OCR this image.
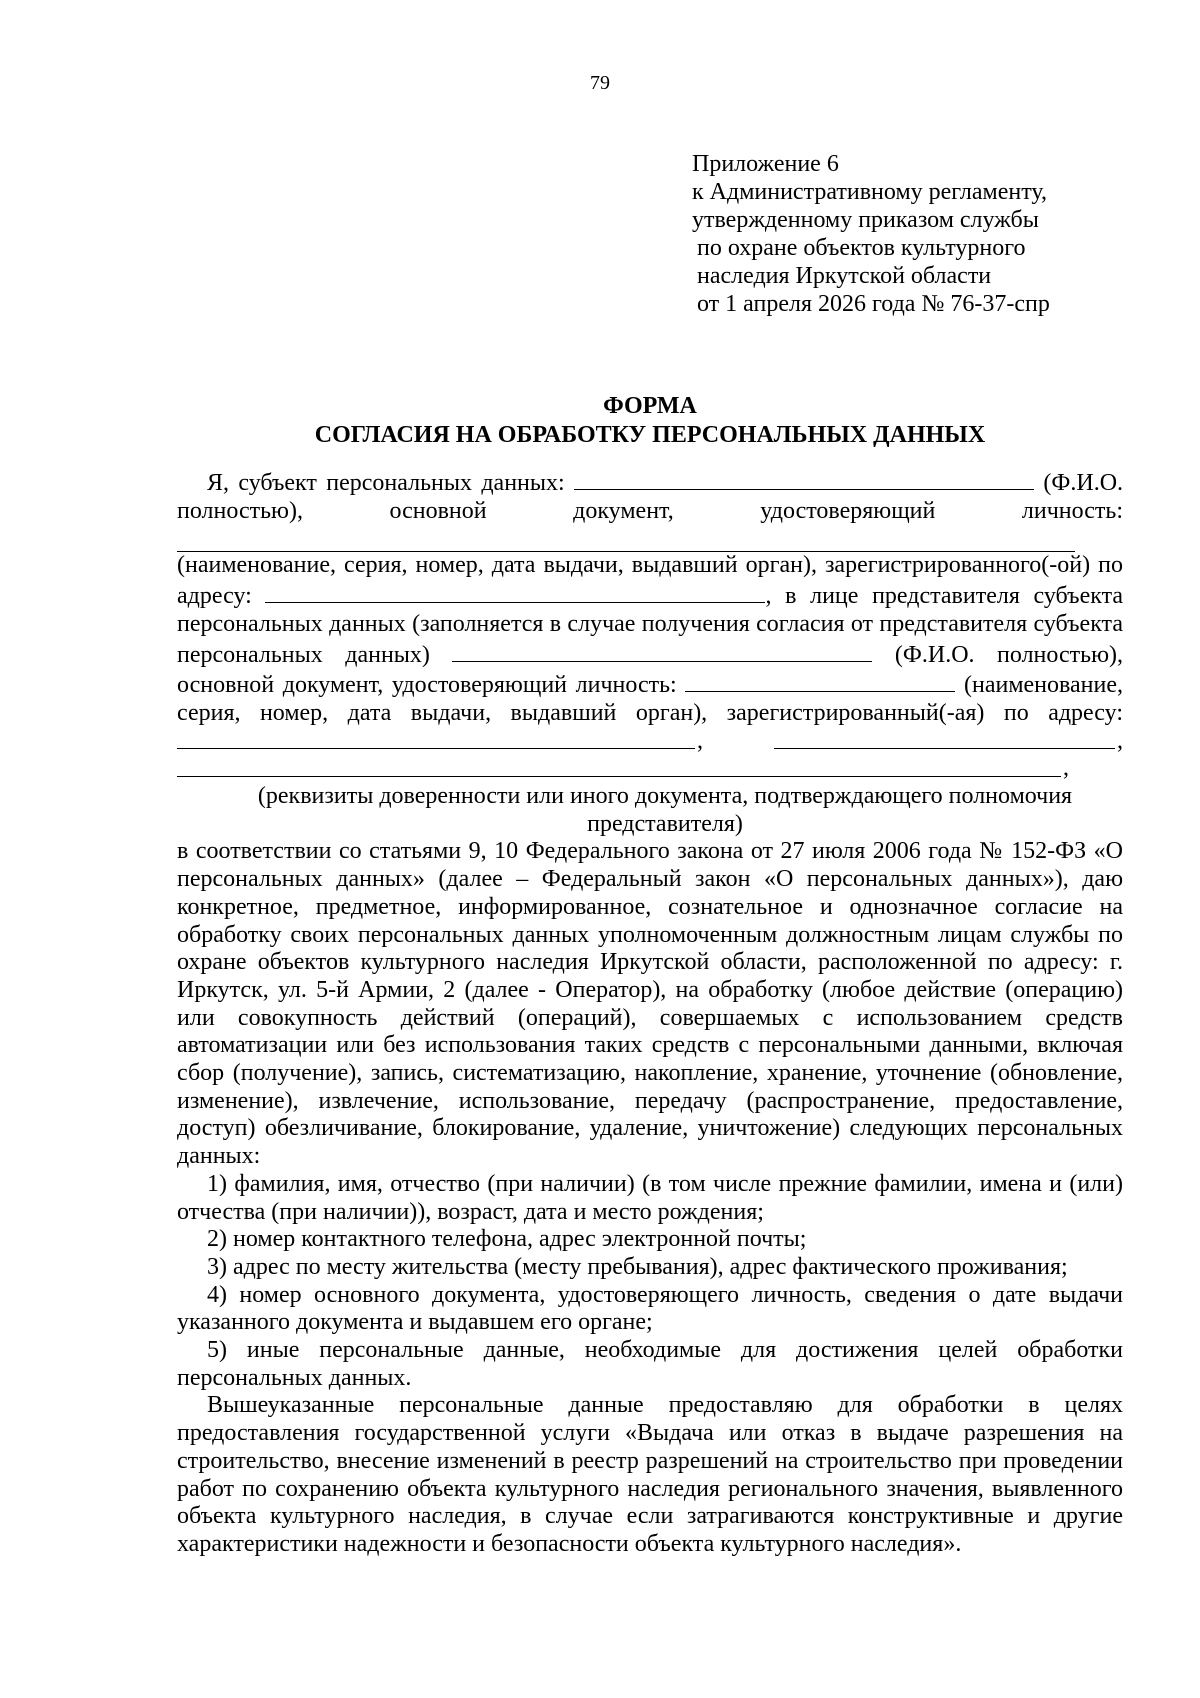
79
Приложение 6
к Административному регламенту,
утвержденному приказом службы
по охране объектов культурного
наследия Иркутской области
от 1 апреля 2026 года № 76-37-спр
ФОРМА
СОГЛАСИЯ НА ОБРАБОТКУ ПЕРСОНАЛЬНЫХ ДАННЫХ

Я, субъект персональных данных:	(Ф.И.О.

полностью), основной документ, удостоверяющий личность:

(наименование, серия, номер, дата выдачи, выдавший орган), зарегистрированного(-ой) по

адресу:	, в лице представителя субъекта

персональных данных (заполняется в случае получения согласия от представителя субъекта

персональных данных)	(Ф.И.О. полностью),

основной документ, удостоверяющий личность:	(наименование,

серия, номер, дата выдачи, выдавший орган), зарегистрированный(-ая) по адресу:

,	,
,

(реквизиты доверенности или иного документа, подтверждающего полномочия представителя)

в соответствии со статьями 9, 10 Федерального закона от 27 июля 2006 года № 152-ФЗ «О персональных данных» (далее – Федеральный закон «О персональных данных»), даю конкретное, предметное, информированное, сознательное и однозначное согласие на обработку своих персональных данных уполномоченным должностным лицам службы по охране объектов культурного наследия Иркутской области, расположенной по адресу: г. Иркутск, ул. 5-й Армии, 2 (далее - Оператор), на обработку (любое действие (операцию) или совокупность действий (операций), совершаемых с использованием средств автоматизации или без использования таких средств с персональными данными, включая сбор (получение), запись, систематизацию, накопление, хранение, уточнение (обновление, изменение), извлечение, использование, передачу (распространение, предоставление, доступ) обезличивание, блокирование, удаление, уничтожение) следующих персональных данных:

1) фамилия, имя, отчество (при наличии) (в том числе прежние фамилии, имена и (или) отчества (при наличии)), возраст, дата и место рождения;

2) номер контактного телефона, адрес электронной почты;

3) адрес по месту жительства (месту пребывания), адрес фактического проживания;

4) номер основного документа, удостоверяющего личность, сведения о дате выдачи указанного документа и выдавшем его органе;

5) иные персональные данные, необходимые для достижения целей обработки персональных данных.

Вышеуказанные персональные данные предоставляю для обработки в целях предоставления государственной услуги «Выдача или отказ в выдаче разрешения на строительство, внесение изменений в реестр разрешений на строительство при проведении работ по сохранению объекта культурного наследия регионального значения, выявленного объекта культурного наследия, в случае если затрагиваются конструктивные и другие характеристики надежности и безопасности объекта культурного наследия».
